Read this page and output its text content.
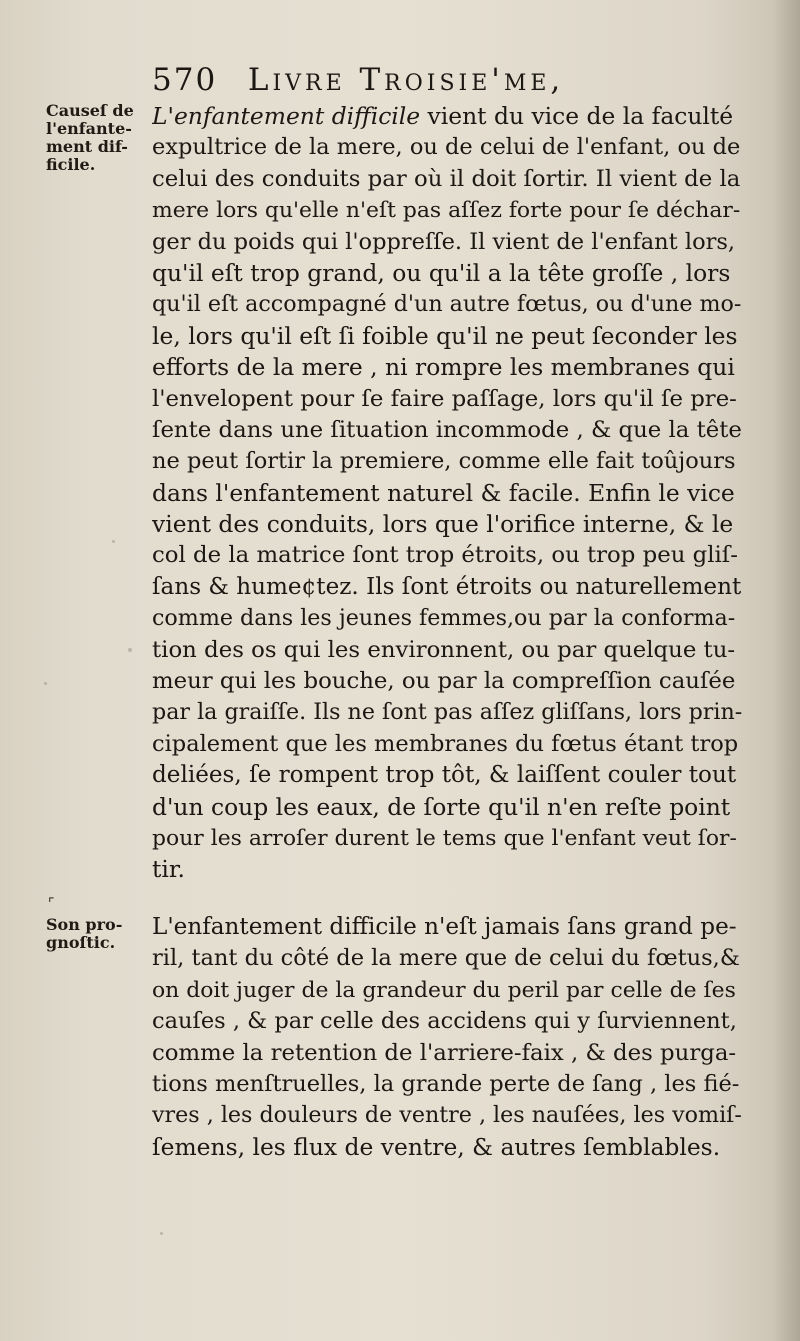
570 Livre Troisie'me,
Causeſ de
l'enfante-
ment dif-
ficile.
⌜
Son pro-
gnoſtic.
L'enfantement difficile vient du vice de la faculté
expultrice de la mere, ou de celui de l'enfant, ou de
celui des conduits par où il doit ſortir. Il vient de la
mere lors qu'elle n'eſt pas aſſez forte pour ſe déchar-
ger du poids qui l'oppreſſe. Il vient de l'enfant lors,
qu'il eſt trop grand, ou qu'il a la tête groſſe , lors
qu'il eſt accompagné d'un autre fœtus, ou d'une mo-
le, lors qu'il eſt ſi foible qu'il ne peut ſeconder les
efforts de la mere , ni rompre les membranes qui
l'envelopent pour ſe faire paſſage, lors qu'il ſe pre-
ſente dans une ſituation incommode , & que la tête
ne peut ſortir la premiere, comme elle fait toûjours
dans l'enfantement naturel & facile. Enfin le vice
vient des conduits, lors que l'orifice interne, & le
col de la matrice ſont trop étroits, ou trop peu gliſ-
ſans & hume¢tez. Ils ſont étroits ou naturellement
comme dans les jeunes femmes,ou par la conforma-
tion des os qui les environnent, ou par quelque tu-
meur qui les bouche, ou par la compreſſion cauſée
par la graiſſe. Ils ne ſont pas aſſez gliſſans, lors prin-
cipalement que les membranes du fœtus étant trop
deliées, ſe rompent trop tôt, & laiſſent couler tout
d'un coup les eaux, de ſorte qu'il n'en reſte point
pour les arroſer durent le tems que l'enfant veut ſor-
tir.
L'enfantement difficile n'eſt jamais ſans grand pe-
ril, tant du côté de la mere que de celui du fœtus,&
on doit juger de la grandeur du peril par celle de ſes
cauſes , & par celle des accidens qui y ſurviennent,
comme la retention de l'arriere-faix , & des purga-
tions menſtruelles, la grande perte de ſang , les fié-
vres , les douleurs de ventre , les nauſées, les vomiſ-
ſemens, les flux de ventre, & autres ſemblables.
